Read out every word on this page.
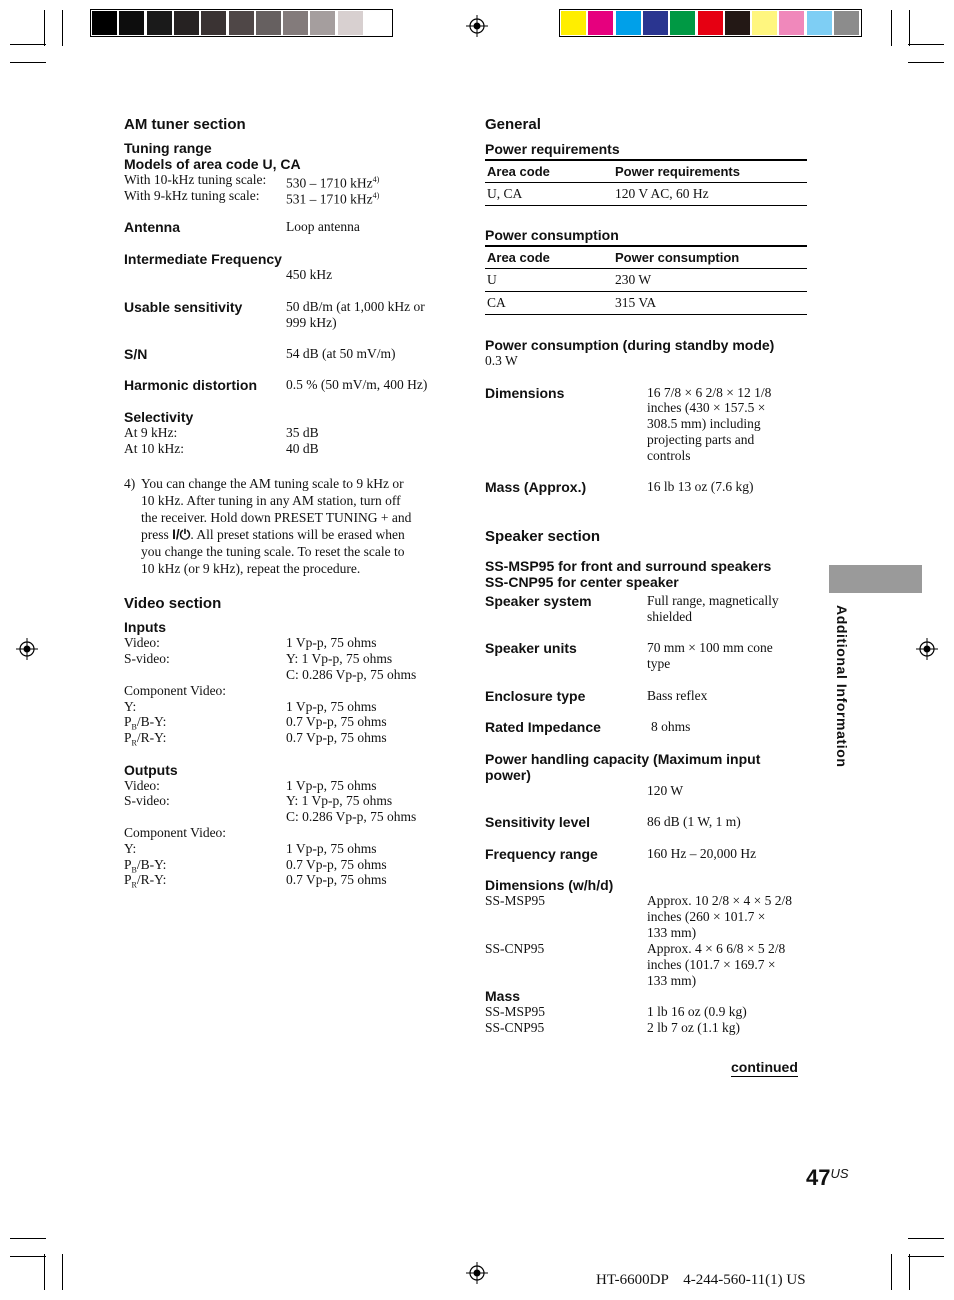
AM tuner section
Tuning range
Models of area code U, CA
With 10-kHz tuning scale: 530 – 1710 kHz$^{4)}$
With 9-kHz tuning scale: 531 – 1710 kHz$^{4)}$
Antenna	Loop antenna
Intermediate Frequency
450 kHz
Usable sensitivity	50 dB/m (at 1,000 kHz or
999 kHz)
S/N	54 dB (at 50 mV/m)
Harmonic distortion 0.5 % (50 mV/m, 400 Hz)
Selectivity
At 9 kHz:	35 dB
At 10 kHz:	40 dB
4) You can change the AM tuning scale to 9 kHz or
10 kHz. After tuning in any AM station, turn off
the receiver. Hold down PRESET TUNING + and
press I/⏻. All preset stations will be erased when
you change the tuning scale. To reset the scale to
10 kHz (or 9 kHz), repeat the procedure.
Video section
Inputs
Video:	1 Vp-p, 75 ohms
S-video:	Y: 1 Vp-p, 75 ohms
C: 0.286 Vp-p, 75 ohms
Component Video:
Y:	1 Vp-p, 75 ohms
$P_B/B-Y$:	0.7 Vp-p, 75 ohms
$P_R/R-Y$:	0.7 Vp-p, 75 ohms
Outputs
Video:	1 Vp-p, 75 ohms
S-video:	Y: 1 Vp-p, 75 ohms
C: 0.286 Vp-p, 75 ohms
Component Video:
Y:	1 Vp-p, 75 ohms
$P_B/B-Y$:	0.7 Vp-p, 75 ohms
$P_R/R-Y$:	0.7 Vp-p, 75 ohms
General
Power requirements
Area code	Power requirements
U, CA	120 V AC, 60 Hz
Power consumption
Area code	Power consumption
U	230 W
CA	315 VA
Power consumption (during standby mode)
0.3 W
Dimensions	16 7/8 × 6 2/8 × 12 1/8
inches (430 × 157.5 ×
308.5 mm) including
projecting parts and
controls
Mass (Approx.)	16 lb 13 oz (7.6 kg)
Speaker section
SS-MSP95 for front and surround speakers
SS-CNP95 for center speaker
Speaker system	Full range, magnetically
shielded
Speaker units	70 mm × 100 mm cone
type
Enclosure type	Bass reflex
Rated Impedance	8 ohms
Power handling capacity (Maximum input
power)
120 W
Sensitivity level	86 dB (1 W, 1 m)
Frequency range	160 Hz – 20,000 Hz
Dimensions (w/h/d)
SS-MSP95	Approx. 10 2/8 × 4 × 5 2/8
inches (260 × 101.7 ×
133 mm)
SS-CNP95	Approx. 4 × 6 6/8 × 5 2/8
inches (101.7 × 169.7 ×
133 mm)
Mass
SS-MSP95	1 lb 16 oz (0.9 kg)
SS-CNP95	2 lb 7 oz (1.1 kg)
continued
Additional Information
$47^{US}$
HT-6600DP    4-244-560-11(1) US
